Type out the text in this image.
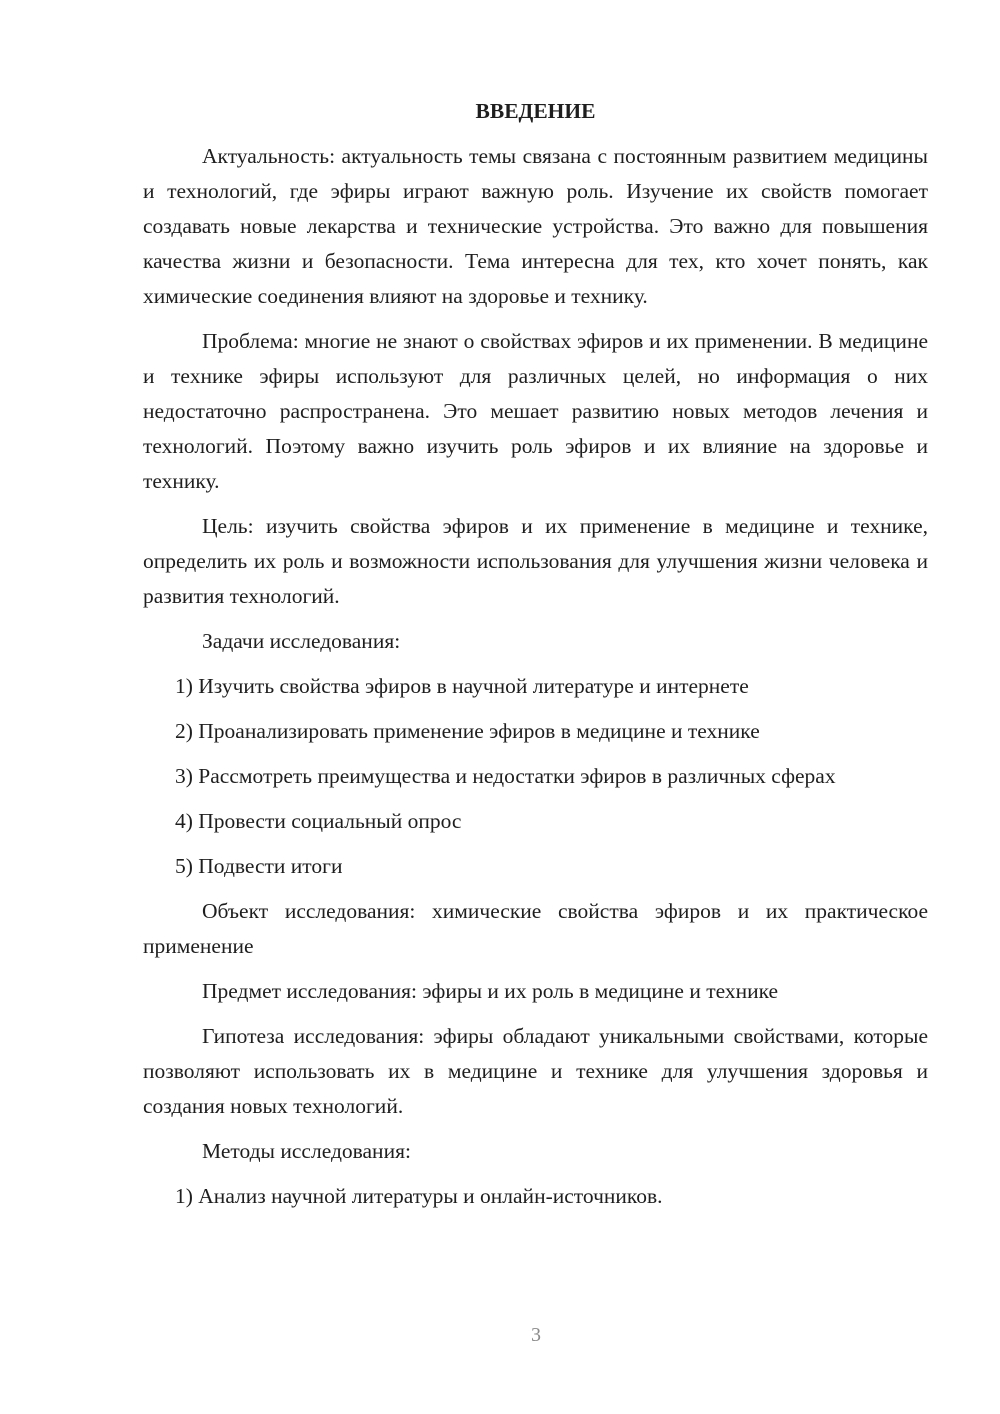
ВВЕДЕНИЕ
Актуальность: актуальность темы связана с постоянным развитием медицины и технологий, где эфиры играют важную роль. Изучение их свойств помогает создавать новые лекарства и технические устройства. Это важно для повышения качества жизни и безопасности. Тема интересна для тех, кто хочет понять, как химические соединения влияют на здоровье и технику.
Проблема: многие не знают о свойствах эфиров и их применении. В медицине и технике эфиры используют для различных целей, но информация о них недостаточно распространена. Это мешает развитию новых методов лечения и технологий. Поэтому важно изучить роль эфиров и их влияние на здоровье и технику.
Цель: изучить свойства эфиров и их применение в медицине и технике, определить их роль и возможности использования для улучшения жизни человека и развития технологий.
Задачи исследования:
1) Изучить свойства эфиров в научной литературе и интернете
2) Проанализировать применение эфиров в медицине и технике
3) Рассмотреть преимущества и недостатки эфиров в различных сферах
4) Провести социальный опрос
5) Подвести итоги
Объект исследования: химические свойства эфиров и их практическое применение
Предмет исследования: эфиры и их роль в медицине и технике
Гипотеза исследования: эфиры обладают уникальными свойствами, которые позволяют использовать их в медицине и технике для улучшения здоровья и создания новых технологий.
Методы исследования:
1) Анализ научной литературы и онлайн-источников.
3
